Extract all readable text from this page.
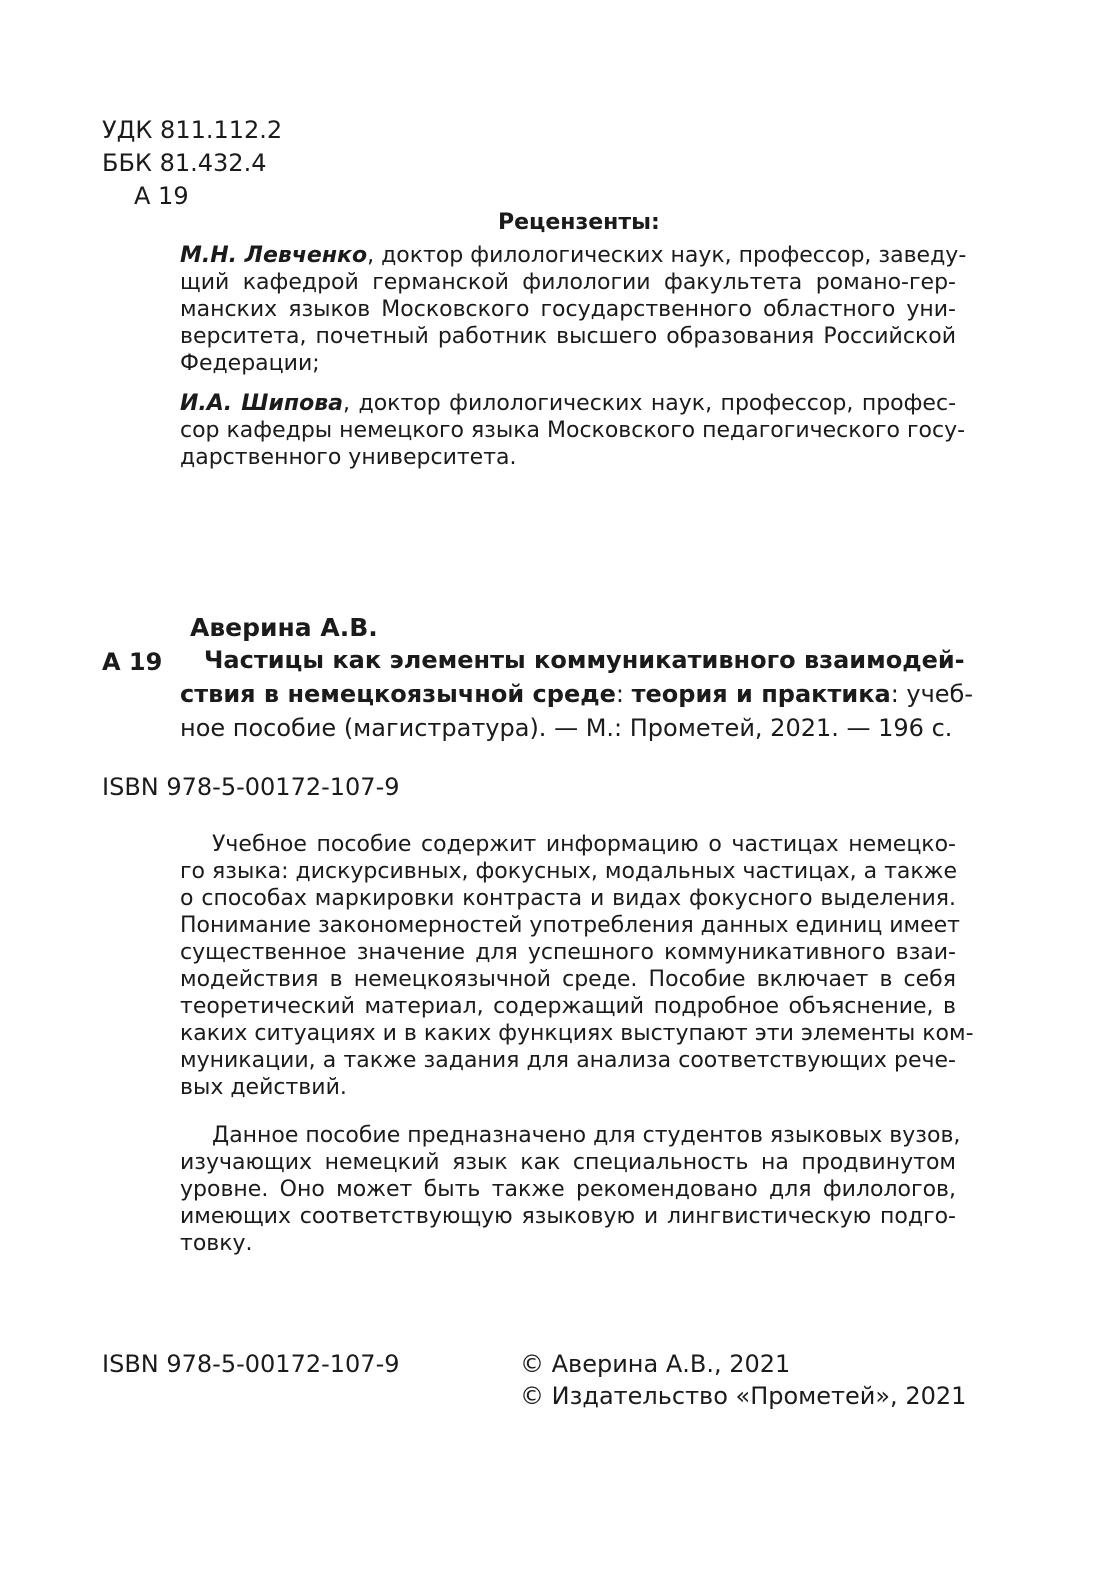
УДК 811.112.2
ББК 81.432.4
А 19
Рецензенты:
М.Н. Левченко, доктор филологических наук, профессор, заведу-
щий кафедрой германской филологии факультета романо-гер-
манских языков Московского государственного областного уни-
верситета, почетный работник высшего образования Российской
Федерации;
И.А. Шипова, доктор филологических наук, профессор, профес-
сор кафедры немецкого языка Московского педагогического госу-
дарственного университета.
Аверина А.В.
А 19 Частицы как элементы коммуникативного взаимодей-
ствия в немецкоязычной среде: теория и практика: учеб-
ное пособие (магистратура). — М.: Прометей, 2021. — 196 с.
ISBN 978-5-00172-107-9
Учебное пособие содержит информацию о частицах немецко-
го языка: дискурсивных, фокусных, модальных частицах, а также
о способах маркировки контраста и видах фокусного выделения.
Понимание закономерностей употребления данных единиц имеет
существенное значение для успешного коммуникативного взаи-
модействия в немецкоязычной среде. Пособие включает в себя
теоретический материал, содержащий подробное объяснение, в
каких ситуациях и в каких функциях выступают эти элементы ком-
муникации, а также задания для анализа соответствующих рече-
вых действий.
Данное пособие предназначено для студентов языковых вузов,
изучающих немецкий язык как специальность на продвинутом
уровне. Оно может быть также рекомендовано для филологов,
имеющих соответствующую языковую и лингвистическую подго-
товку.
ISBN 978-5-00172-107-9	© Аверина А.В., 2021
© Издательство «Прометей», 2021
